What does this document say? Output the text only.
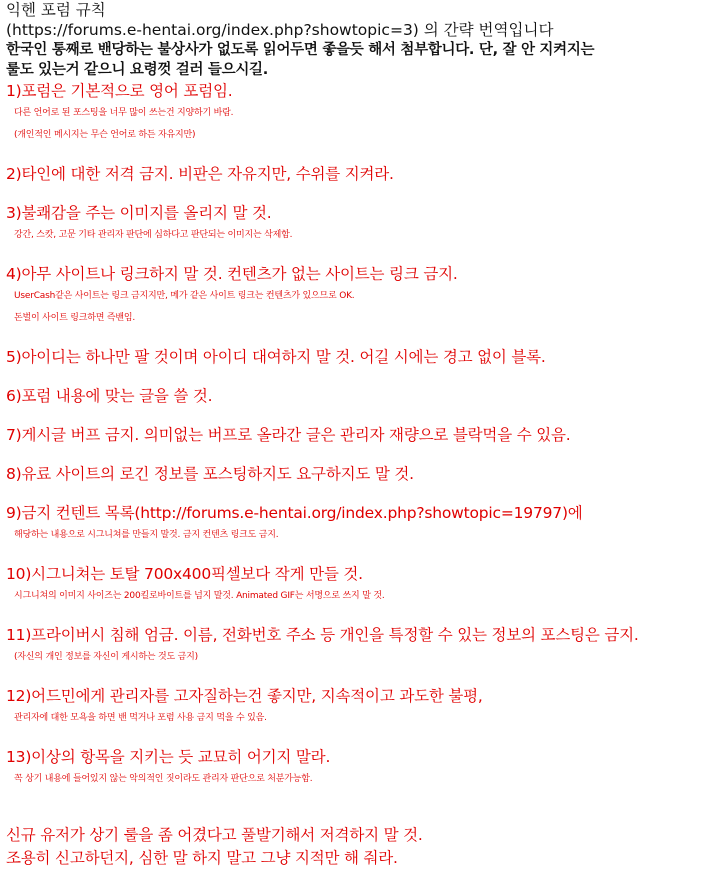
익헨 포럼 규칙
(https://forums.e-hentai.org/index.php?showtopic=3) 의 간략 번역입니다
한국인 통째로 밴당하는 불상사가 없도록 읽어두면 좋을듯 해서 첨부합니다. 단, 잘 안 지켜지는
룰도 있는거 같으니 요령껏 걸러 들으시길.
1)포럼은 기본적으로 영어 포럼임.
다른 언어로 된 포스팅을 너무 많이 쓰는건 지양하기 바람.
(개인적인 메시지는 무슨 언어로 하든 자유지만)
2)타인에 대한 저격 금지. 비판은 자유지만, 수위를 지켜라.
3)불쾌감을 주는 이미지를 올리지 말 것.
강간, 스캇, 고문 기타 관리자 판단에 심하다고 판단되는 이미지는 삭제함.
4)아무 사이트나 링크하지 말 것. 컨텐츠가 없는 사이트는 링크 금지.
UserCash같은 사이트는 링크 금지지만, 메가 같은 사이트 링크는 컨텐츠가 있으므로 OK.
돈벌이 사이트 링크하면 즉밴임.
5)아이디는 하나만 팔 것이며 아이디 대여하지 말 것. 어길 시에는 경고 없이 블록.
6)포럼 내용에 맞는 글을 쓸 것.
7)게시글 버프 금지. 의미없는 버프로 올라간 글은 관리자 재량으로 블락먹을 수 있음.
8)유료 사이트의 로긴 정보를 포스팅하지도 요구하지도 말 것.
9)금지 컨텐트 목록(http://forums.e-hentai.org/index.php?showtopic=19797)에
해당하는 내용으로 시그니쳐를 만들지 말것. 금지 컨텐츠 링크도 금지.
10)시그니쳐는 토탈 700x400픽셀보다 작게 만들 것.
시그니쳐의 이미지 사이즈는 200킬로바이트를 넘지 말것. Animated GIF는 서명으로 쓰지 말 것.
11)프라이버시 침해 엄금. 이름, 전화번호 주소 등 개인을 특정할 수 있는 정보의 포스팅은 금지.
(자신의 개인 정보를 자신이 게시하는 것도 금지)
12)어드민에게 관리자를 고자질하는건 좋지만, 지속적이고 과도한 불평,
관리자에 대한 모욕을 하면 밴 먹거나 포럼 사용 금지 먹을 수 있음.
13)이상의 항목을 지키는 듯 교묘히 어기지 말라.
꼭 상기 내용에 들어있지 않는 악의적인 짓이라도 관리자 판단으로 처분가능함.
신규 유저가 상기 룰을 좀 어겼다고 풀발기해서 저격하지 말 것.
조용히 신고하던지, 심한 말 하지 말고 그냥 지적만 해 줘라.
